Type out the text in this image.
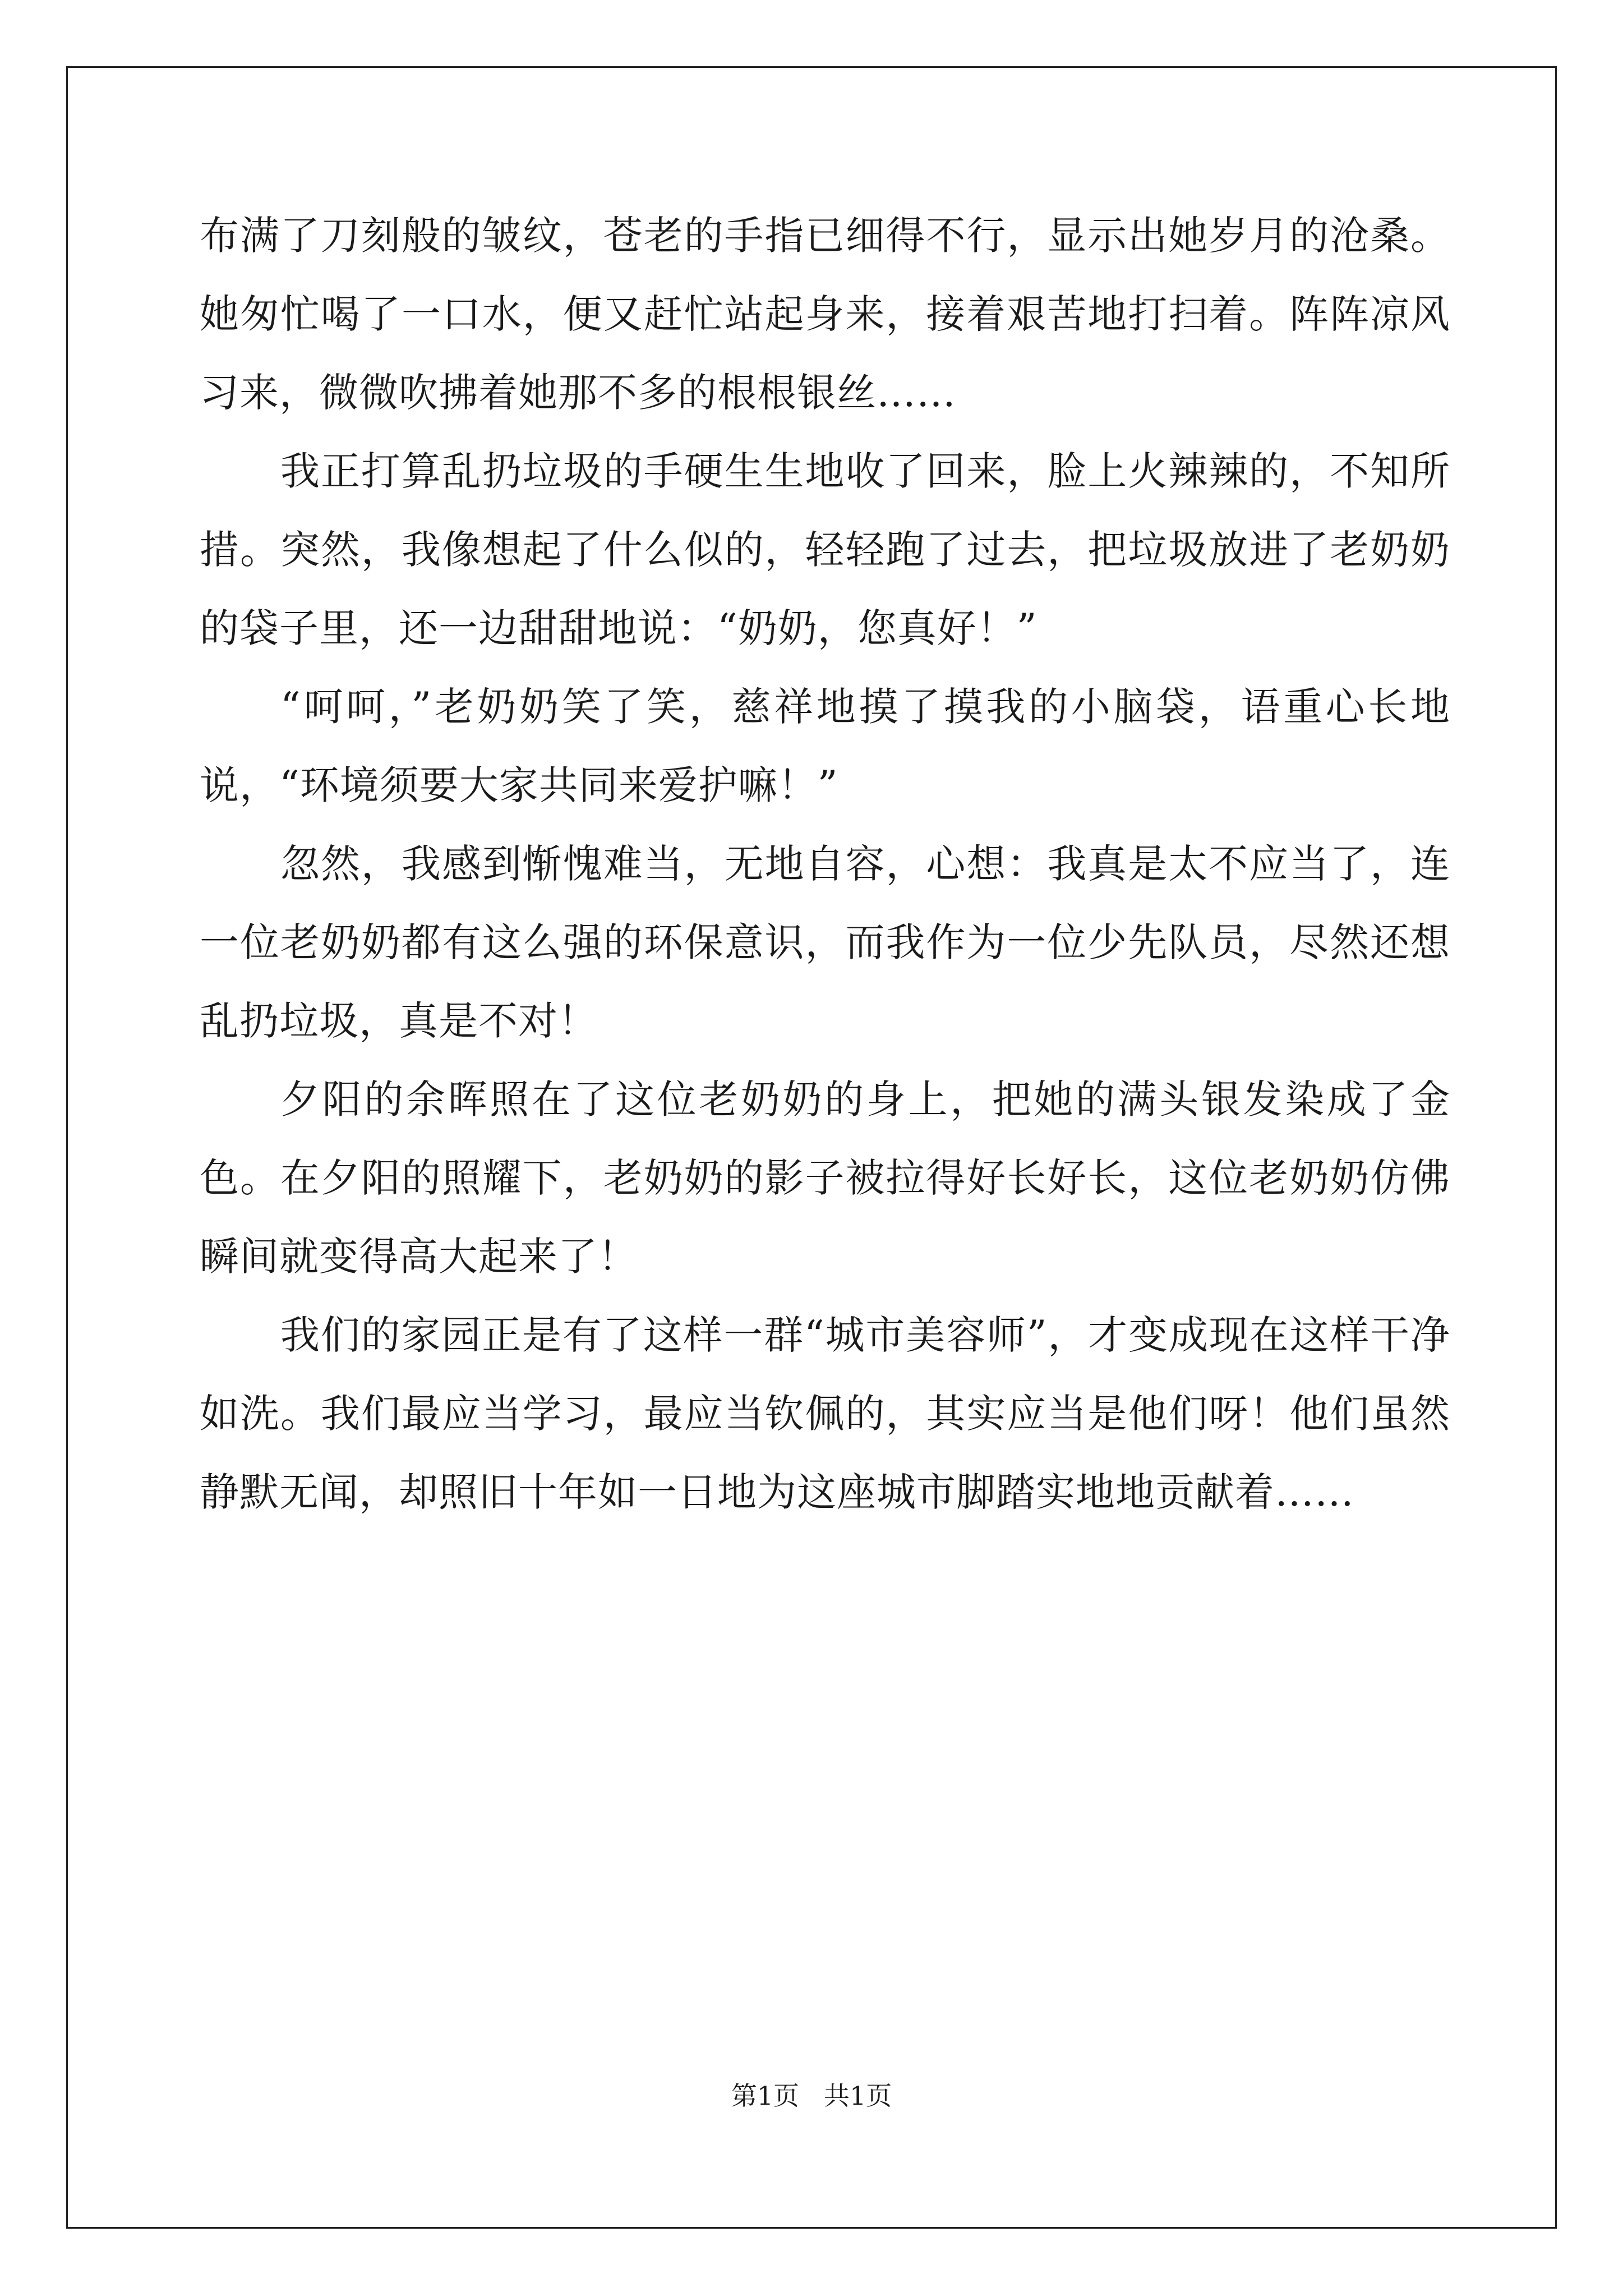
布满了刀刻般的皱纹，苍老的手指已细得不行，显示出她岁月的沧桑。她匆忙喝了一口水，便又赶忙站起身来，接着艰苦地打扫着。阵阵凉风习来，微微吹拂着她那不多的根根银丝……

我正打算乱扔垃圾的手硬生生地收了回来，脸上火辣辣的，不知所措。突然，我像想起了什么似的，轻轻跑了过去，把垃圾放进了老奶奶的袋子里，还一边甜甜地说：“奶奶，您真好！”

“呵呵，”老奶奶笑了笑，慈祥地摸了摸我的小脑袋，语重心长地说，“环境须要大家共同来爱护嘛！”

忽然，我感到惭愧难当，无地自容，心想：我真是太不应当了，连一位老奶奶都有这么强的环保意识，而我作为一位少先队员，尽然还想乱扔垃圾，真是不对！

夕阳的余晖照在了这位老奶奶的身上，把她的满头银发染成了金色。在夕阳的照耀下，老奶奶的影子被拉得好长好长，这位老奶奶仿佛瞬间就变得高大起来了！

我们的家园正是有了这样一群“城市美容师”，才变成现在这样干净如洗。我们最应当学习，最应当钦佩的，其实应当是他们呀！他们虽然静默无闻，却照旧十年如一日地为这座城市脚踏实地地贡献着……

第1页 共1页
